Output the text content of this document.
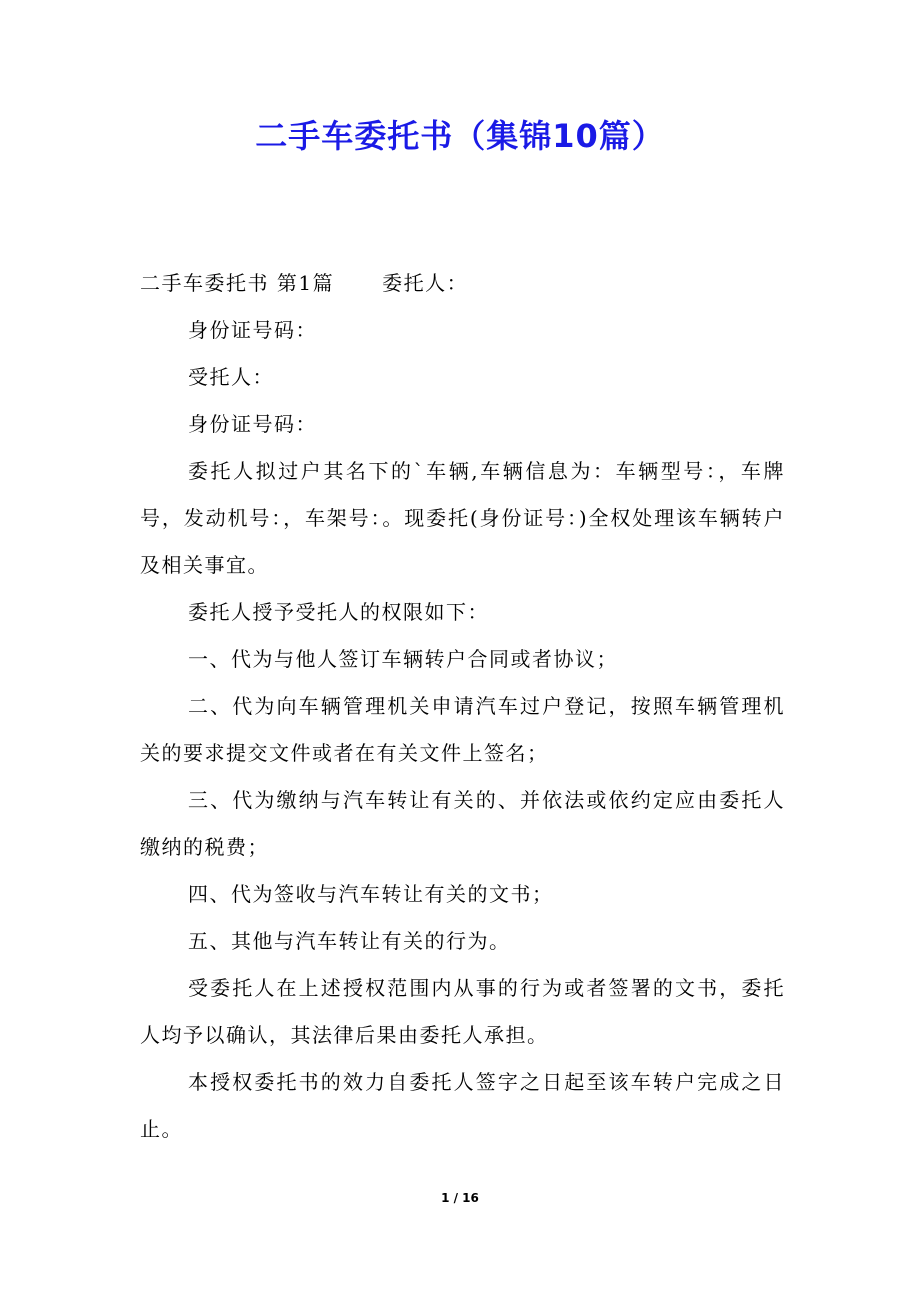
二手车委托书（集锦10篇）

二手车委托书 第1篇 委托人：

身份证号码：

受托人：

身份证号码：

委托人拟过户其名下的`车辆,车辆信息为：车辆型号：，车牌号，发动机号：，车架号：。现委托(身份证号：)全权处理该车辆转户及相关事宜。

委托人授予受托人的权限如下：

一、代为与他人签订车辆转户合同或者协议；

二、代为向车辆管理机关申请汽车过户登记，按照车辆管理机关的要求提交文件或者在有关文件上签名；

三、代为缴纳与汽车转让有关的、并依法或依约定应由委托人缴纳的税费；

四、代为签收与汽车转让有关的文书；

五、其他与汽车转让有关的行为。

受委托人在上述授权范围内从事的行为或者签署的文书，委托人均予以确认，其法律后果由委托人承担。

本授权委托书的效力自委托人签字之日起至该车转户完成之日止。

1 / 16
